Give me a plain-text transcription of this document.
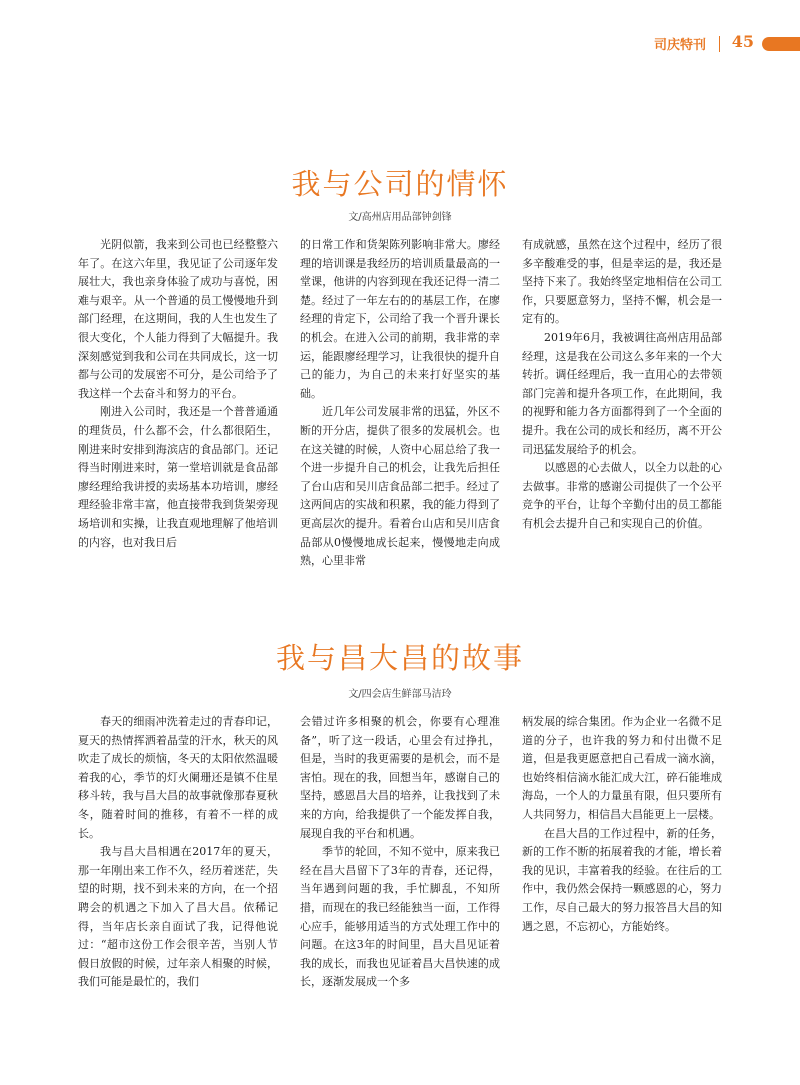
司庆特刊 45
我与公司的情怀
文/高州店用品部钟剑锋

光阴似箭，我来到公司也已经整整六年了。在这六年里，我见证了公司逐年发展壮大，我也亲身体验了成功与喜悦，困难与艰辛。从一个普通的员工慢慢地升到部门经理，在这期间，我的人生也发生了很大变化，个人能力得到了大幅提升。我深刻感觉到我和公司在共同成长，这一切都与公司的发展密不可分，是公司给予了我这样一个去奋斗和努力的平台。

刚进入公司时，我还是一个普普通通的理货员，什么都不会，什么都很陌生，刚进来时安排到海滨店的食品部门。还记得当时刚进来时，第一堂培训就是食品部廖经理给我讲授的卖场基本功培训，廖经理经验非常丰富，他直接带我到货架旁现场培训和实操，让我直观地理解了他培训的内容，也对我日后

的日常工作和货架陈列影响非常大。廖经理的培训课是我经历的培训质量最高的一堂课，他讲的内容到现在我还记得一清二楚。经过了一年左右的的基层工作，在廖经理的肯定下，公司给了我一个晋升课长的机会。在进入公司的前期，我非常的幸运，能跟廖经理学习，让我很快的提升自己的能力，为自己的未来打好坚实的基础。

近几年公司发展非常的迅猛，外区不断的开分店，提供了很多的发展机会。也在这关键的时候，人资中心屈总给了我一个进一步提升自己的机会，让我先后担任了台山店和吴川店食品部二把手。经过了这两间店的实战和积累，我的能力得到了更高层次的提升。看着台山店和吴川店食品部从0慢慢地成长起来，慢慢地走向成熟，心里非常

有成就感，虽然在这个过程中，经历了很多辛酸难受的事，但是幸运的是，我还是坚持下来了。我始终坚定地相信在公司工作，只要愿意努力，坚持不懈，机会是一定有的。

2019年6月，我被调往高州店用品部经理，这是我在公司这么多年来的一个大转折。调任经理后，我一直用心的去带领部门完善和提升各项工作，在此期间，我的视野和能力各方面都得到了一个全面的提升。我在公司的成长和经历，离不开公司迅猛发展给予的机会。

以感恩的心去做人，以全力以赴的心去做事。非常的感谢公司提供了一个公平竞争的平台，让每个辛勤付出的员工都能有机会去提升自己和实现自己的价值。

我与昌大昌的故事
文/四会店生鲜部马洁玲

春天的细雨冲洗着走过的青春印记，夏天的热情挥洒着晶莹的汗水，秋天的风吹走了成长的烦恼，冬天的太阳依然温暖着我的心，季节的灯火阑珊还是镇不住星移斗转，我与昌大昌的故事就像那春夏秋冬，随着时间的推移，有着不一样的成长。

我与昌大昌相遇在2017年的夏天，那一年刚出来工作不久，经历着迷茫，失望的时期，找不到未来的方向，在一个招聘会的机遇之下加入了昌大昌。依稀记得，当年店长亲自面试了我，记得他说过：“超市这份工作会很辛苦，当别人节假日放假的时候，过年亲人相聚的时候，我们可能是最忙的，我们

会错过许多相聚的机会，你要有心理准备”，听了这一段话，心里会有过挣扎，但是，当时的我更需要的是机会，而不是害怕。现在的我，回想当年，感谢自己的坚持，感恩昌大昌的培养，让我找到了未来的方向，给我提供了一个能发挥自我，展现自我的平台和机遇。

季节的轮回，不知不觉中，原来我已经在昌大昌留下了3年的青春，还记得，当年遇到问题的我，手忙脚乱，不知所措，而现在的我已经能独当一面，工作得心应手，能够用适当的方式处理工作中的问题。在这3年的时间里，昌大昌见证着我的成长，而我也见证着昌大昌快速的成长，逐渐发展成一个多

柄发展的综合集团。作为企业一名微不足道的分子，也许我的努力和付出微不足道，但是我更愿意把自己看成一滴水滴，也始终相信滴水能汇成大江，碎石能堆成海岛，一个人的力量虽有限，但只要所有人共同努力，相信昌大昌能更上一层楼。

在昌大昌的工作过程中，新的任务，新的工作不断的拓展着我的才能，增长着我的见识，丰富着我的经验。在往后的工作中，我仍然会保持一颗感恩的心，努力工作，尽自己最大的努力报答昌大昌的知遇之恩，不忘初心，方能始终。
